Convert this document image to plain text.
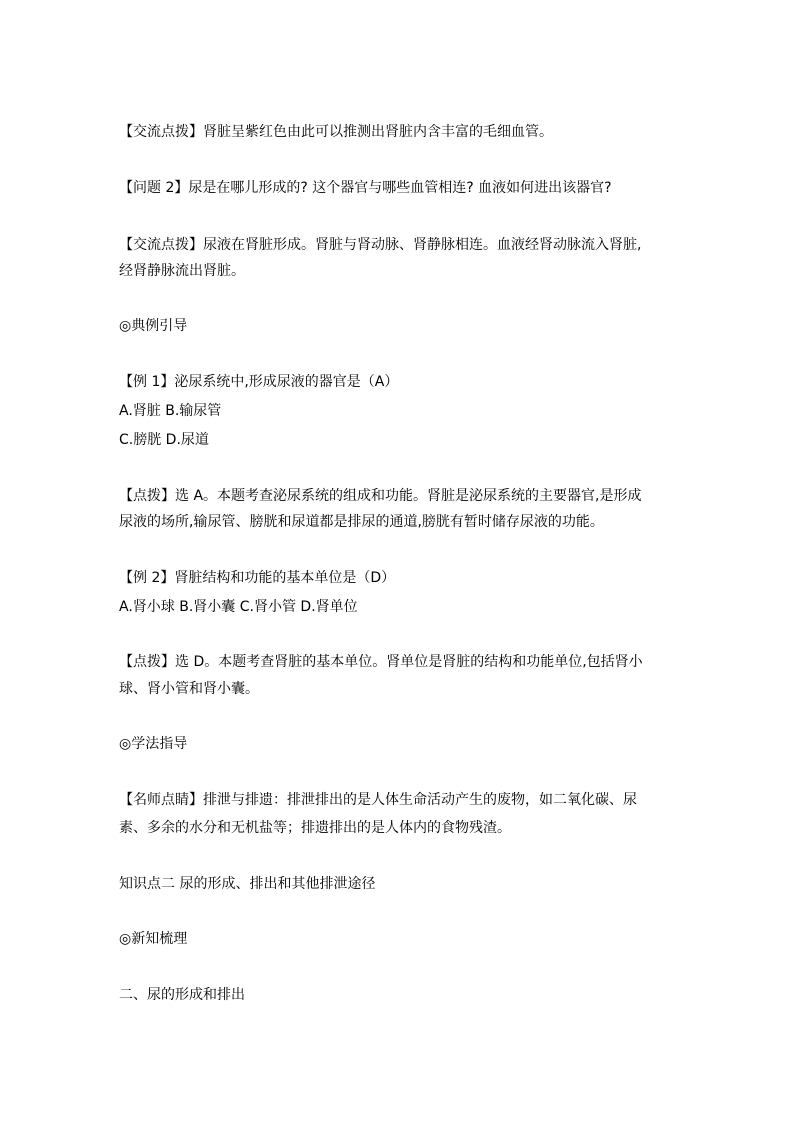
【交流点拨】肾脏呈紫红色由此可以推测出肾脏内含丰富的毛细血管。
【问题 2】尿是在哪儿形成的? 这个器官与哪些血管相连? 血液如何进出该器官?
【交流点拨】尿液在肾脏形成。肾脏与肾动脉、肾静脉相连。血液经肾动脉流入肾脏,
经肾静脉流出肾脏。
◎典例引导
【例 1】泌尿系统中,形成尿液的器官是（A）
A.肾脏 B.输尿管
C.膀胱 D.尿道
【点拨】选 A。本题考查泌尿系统的组成和功能。肾脏是泌尿系统的主要器官,是形成
尿液的场所,输尿管、膀胱和尿道都是排尿的通道,膀胱有暂时储存尿液的功能。
【例 2】肾脏结构和功能的基本单位是（D）
A.肾小球 B.肾小囊 C.肾小管 D.肾单位
【点拨】选 D。本题考查肾脏的基本单位。肾单位是肾脏的结构和功能单位,包括肾小
球、肾小管和肾小囊。
◎学法指导
【名师点睛】排泄与排遗：排泄排出的是人体生命活动产生的废物，如二氧化碳、尿
素、多余的水分和无机盐等；排遗排出的是人体内的食物残渣。
知识点二 尿的形成、排出和其他排泄途径
◎新知梳理
二、尿的形成和排出
